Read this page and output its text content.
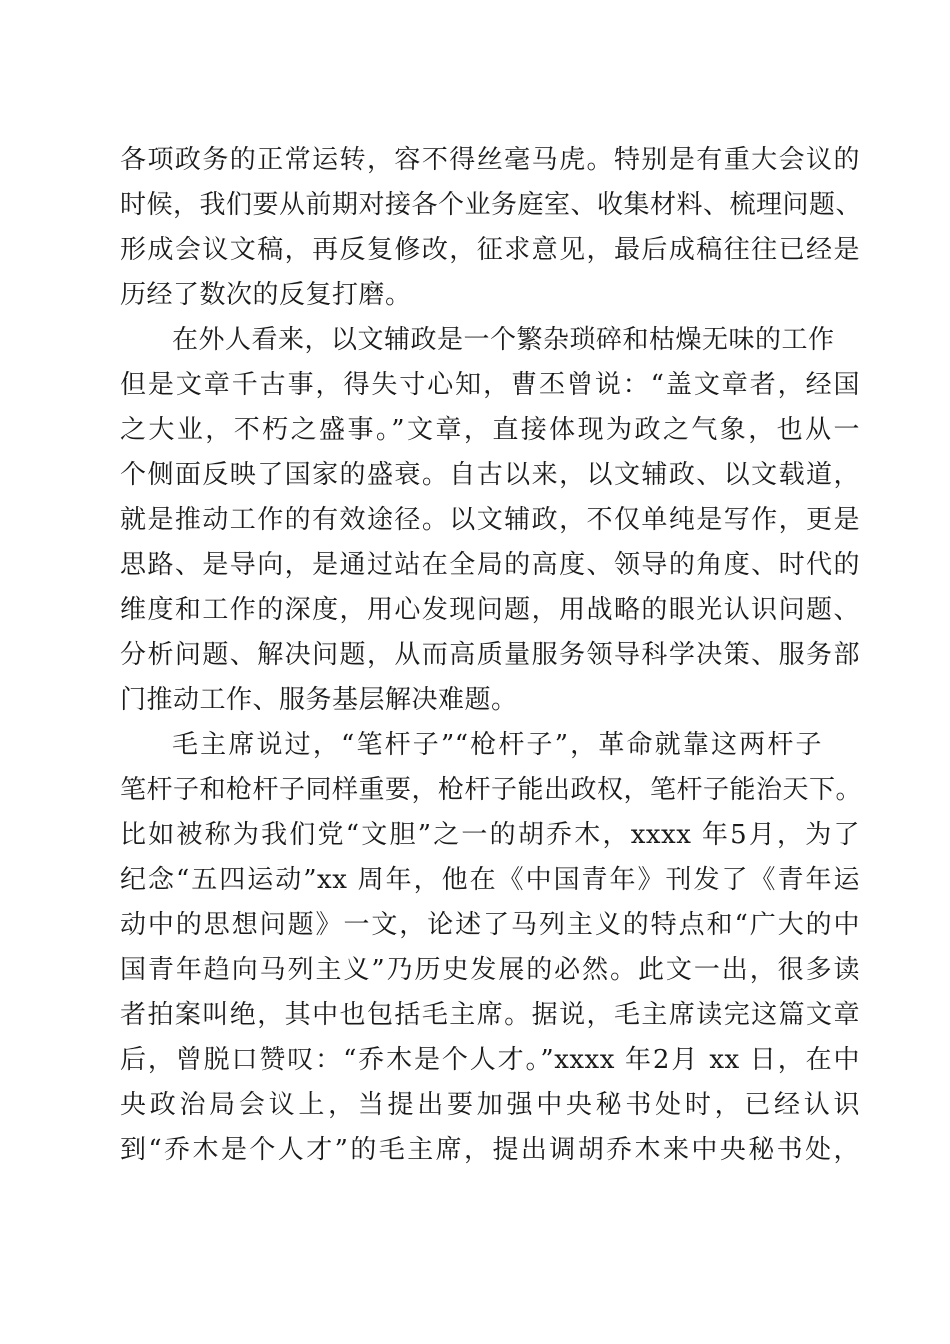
各项政务的正常运转，容不得丝毫马虎。特别是有重大会议的
时候，我们要从前期对接各个业务庭室、收集材料、梳理问题、
形成会议文稿，再反复修改，征求意见，最后成稿往往已经是
历经了数次的反复打磨。
在外人看来，以文辅政是一个繁杂琐碎和枯燥无味的工作
但是文章千古事，得失寸心知，曹丕曾说：“盖文章者，经国
之大业，不朽之盛事。”文章，直接体现为政之气象，也从一
个侧面反映了国家的盛衰。自古以来，以文辅政、以文载道，
就是推动工作的有效途径。以文辅政，不仅单纯是写作，更是
思路、是导向，是通过站在全局的高度、领导的角度、时代的
维度和工作的深度，用心发现问题，用战略的眼光认识问题、
分析问题、解决问题，从而高质量服务领导科学决策、服务部
门推动工作、服务基层解决难题。
毛主席说过，“笔杆子”“枪杆子”，革命就靠这两杆子
笔杆子和枪杆子同样重要，枪杆子能出政权，笔杆子能治天下。
比如被称为我们党“文胆”之一的胡乔木，xxxx 年5月，为了
纪念“五四运动”xx 周年，他在《中国青年》刊发了《青年运
动中的思想问题》一文，论述了马列主义的特点和“广大的中
国青年趋向马列主义”乃历史发展的必然。此文一出，很多读
者拍案叫绝，其中也包括毛主席。据说，毛主席读完这篇文章
后，曾脱口赞叹：“乔木是个人才。”xxxx 年2月 xx 日，在中
央政治局会议上，当提出要加强中央秘书处时，已经认识
到“乔木是个人才”的毛主席，提出调胡乔木来中央秘书处，
